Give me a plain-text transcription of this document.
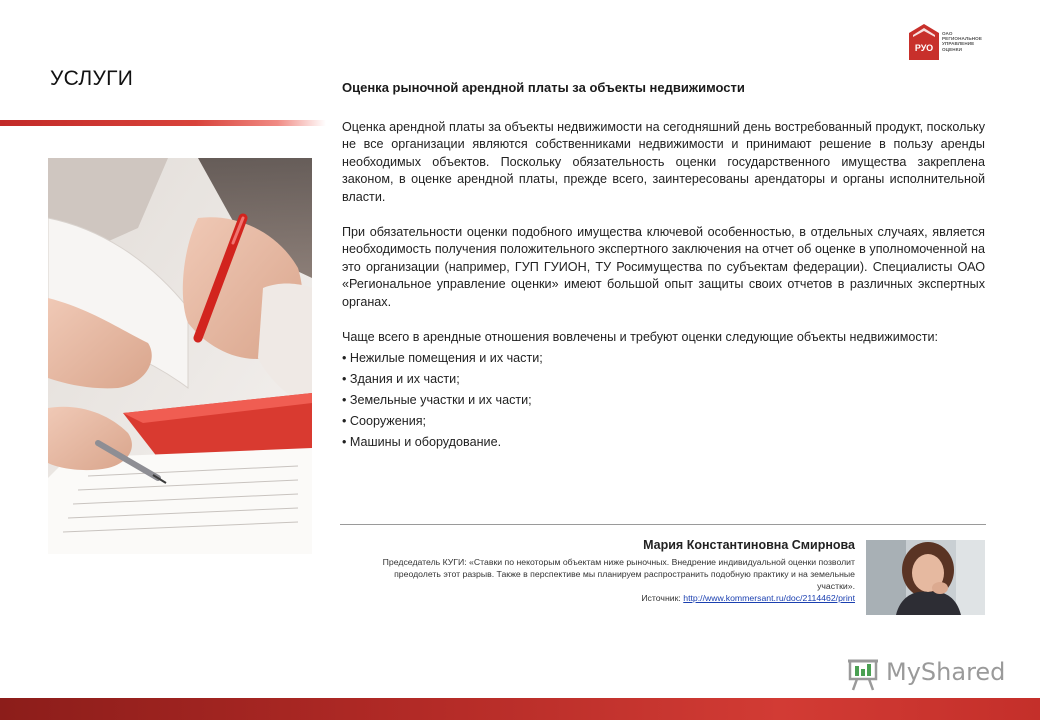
РУО
ОАО
РЕГИОНАЛЬНОЕ
УПРАВЛЕНИЕ
ОЦЕНКИ
УСЛУГИ	Оценка рыночной арендной платы за объекты недвижимости

Оценка арендной платы за объекты недвижимости на сегодняшний день востребованный продукт, поскольку не все организации являются собственниками недвижимости и принимают решение в пользу аренды необходимых объектов. Поскольку обязательность оценки государственного имущества закреплена законом, в оценке арендной платы, прежде всего, заинтересованы арендаторы и органы исполнительной власти.

При обязательности оценки подобного имущества ключевой особенностью, в отдельных случаях, является необходимость получения положительного экспертного заключения на отчет об оценке в уполномоченной на это организации (например, ГУП ГУИОН, ТУ Росимущества по субъектам федерации). Специалисты ОАО «Региональное управление оценки» имеют большой опыт защиты своих отчетов в различных экспертных органах.

Чаще всего в арендные отношения вовлечены и требуют оценки следующие объекты недвижимости:

• Нежилые помещения и их части;
• Здания и их части;
• Земельные участки и их части;
• Сооружения;
• Машины и оборудование.
Мария Константиновна Смирнова
Председатель КУГИ: «Ставки по некоторым объектам ниже рыночных. Внедрение индивидуальной оценки позволит преодолеть этот разрыв. Также в перспективе мы планируем распространить подобную практику и на земельные участки».
Источник: http://www.kommersant.ru/doc/2114462/print
MyShared
